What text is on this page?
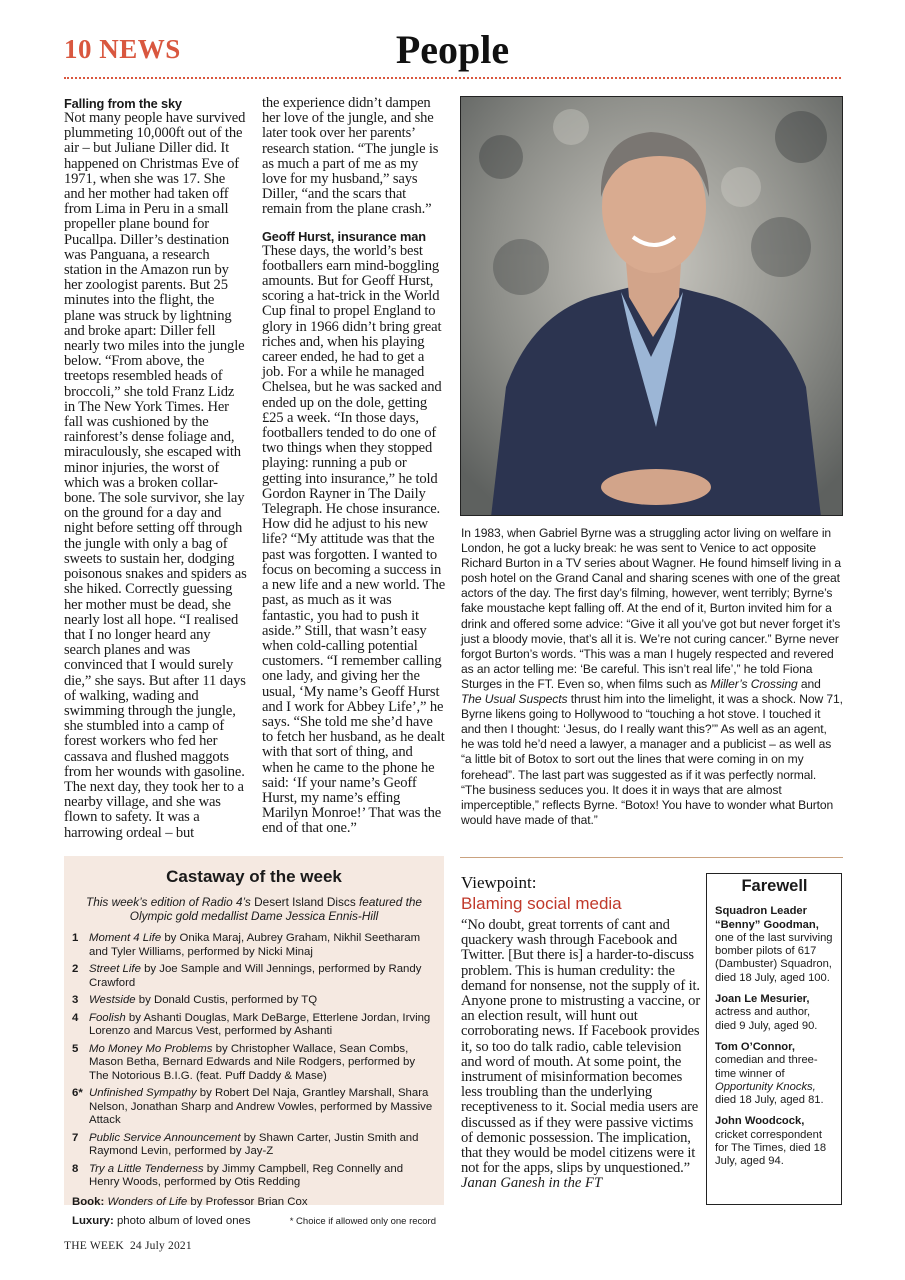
10 NEWS	People
Falling from the sky

Not many people have survived plummeting 10,000ft out of the air – but Juliane Diller did. It happened on Christmas Eve of 1971, when she was 17. She and her mother had taken off from Lima in Peru in a small propeller plane bound for Pucallpa. Diller’s destination was Panguana, a research station in the Amazon run by her zoologist parents. But 25 minutes into the flight, the plane was struck by lightning and broke apart: Diller fell nearly two miles into the jungle below. “From above, the treetops resembled heads of broccoli,” she told Franz Lidz in The New York Times. Her fall was cushioned by the rainforest’s dense foliage and, miraculously, she escaped with minor injuries, the worst of which was a broken collar-bone. The sole survivor, she lay on the ground for a day and night before setting off through the jungle with only a bag of sweets to sustain her, dodging poisonous snakes and spiders as she hiked. Correctly guessing her mother must be dead, she nearly lost all hope. “I realised that I no longer heard any search planes and was convinced that I would surely die,” she says. But after 11 days of walking, wading and swimming through the jungle, she stumbled into a camp of forest workers who fed her cassava and flushed maggots from her wounds with gasoline. The next day, they took her to a nearby village, and she was flown to safety. It was a harrowing ordeal – but

the experience didn’t dampen her love of the jungle, and she later took over her parents’ research station. “The jungle is as much a part of me as my love for my husband,” says Diller, “and the scars that remain from the plane crash.”

Geoff Hurst, insurance man

These days, the world’s best footballers earn mind-boggling amounts. But for Geoff Hurst, scoring a hat-trick in the World Cup final to propel England to glory in 1966 didn’t bring great riches and, when his playing career ended, he had to get a job. For a while he managed Chelsea, but he was sacked and ended up on the dole, getting £25 a week. “In those days, footballers tended to do one of two things when they stopped playing: running a pub or getting into insurance,” he told Gordon Rayner in The Daily Telegraph. He chose insurance. How did he adjust to his new life? “My attitude was that the past was forgotten. I wanted to focus on becoming a success in a new life and a new world. The past, as much as it was fantastic, you had to push it aside.” Still, that wasn’t easy when cold-calling potential customers. “I remember calling one lady, and giving her the usual, ‘My name’s Geoff Hurst and I work for Abbey Life’,” he says. “She told me she’d have to fetch her husband, as he dealt with that sort of thing, and when he came to the phone he said: ‘If your name’s Geoff Hurst, my name’s effing Marilyn Monroe!’ That was the end of that one.”

In 1983, when Gabriel Byrne was a struggling actor living on welfare in London, he got a lucky break: he was sent to Venice to act opposite Richard Burton in a TV series about Wagner. He found himself living in a posh hotel on the Grand Canal and sharing scenes with one of the great actors of the day. The first day’s filming, however, went terribly; Byrne’s fake moustache kept falling off. At the end of it, Burton invited him for a drink and offered some advice: “Give it all you’ve got but never forget it’s just a bloody movie, that’s all it is. We’re not curing cancer.” Byrne never forgot Burton’s words. “This was a man I hugely respected and revered as an actor telling me: ‘Be careful. This isn’t real life’,” he told Fiona Sturges in the FT. Even so, when films such as Miller’s Crossing and The Usual Suspects thrust him into the limelight, it was a shock. Now 71, Byrne likens going to Hollywood to “touching a hot stove. I touched it and then I thought: ‘Jesus, do I really want this?’” As well as an agent, he was told he’d need a lawyer, a manager and a publicist – as well as “a little bit of Botox to sort out the lines that were coming in on my forehead”. The last part was suggested as if it was perfectly normal. “The business seduces you. It does it in ways that are almost imperceptible,” reflects Byrne. “Botox! You have to wonder what Burton would have made of that.”
Castaway of the week
This week’s edition of Radio 4’s Desert Island Discs featured the Olympic gold medallist Dame Jessica Ennis-Hill
1 Moment 4 Life by Onika Maraj, Aubrey Graham, Nikhil Seetharam and Tyler Williams, performed by Nicki Minaj
2 Street Life by Joe Sample and Will Jennings, performed by Randy Crawford
3 Westside by Donald Custis, performed by TQ
4 Foolish by Ashanti Douglas, Mark DeBarge, Etterlene Jordan, Irving Lorenzo and Marcus Vest, performed by Ashanti
5 Mo Money Mo Problems by Christopher Wallace, Sean Combs, Mason Betha, Bernard Edwards and Nile Rodgers, performed by The Notorious B.I.G. (feat. Puff Daddy & Mase)
6* Unfinished Sympathy by Robert Del Naja, Grantley Marshall, Shara Nelson, Jonathan Sharp and Andrew Vowles, performed by Massive Attack
7 Public Service Announcement by Shawn Carter, Justin Smith and Raymond Levin, performed by Jay-Z
8 Try a Little Tenderness by Jimmy Campbell, Reg Connelly and Henry Woods, performed by Otis Redding
Book: Wonders of Life by Professor Brian Cox
Luxury: photo album of loved ones	* Choice if allowed only one record
Viewpoint:
Blaming social media

“No doubt, great torrents of cant and quackery wash through Facebook and Twitter. [But there is] a harder-to-discuss problem. This is human credulity: the demand for nonsense, not the supply of it. Anyone prone to mistrusting a vaccine, or an election result, will hunt out corroborating news. If Facebook provides it, so too do talk radio, cable television and word of mouth. At some point, the instrument of misinformation becomes less troubling than the underlying receptiveness to it. Social media users are discussed as if they were passive victims of demonic possession. The implication, that they would be model citizens were it not for the apps, slips by unquestioned.”

Janan Ganesh in the FT

Farewell
Squadron Leader “Benny” Goodman, one of the last surviving bomber pilots of 617 (Dambuster) Squadron, died 18 July, aged 100.
Joan Le Mesurier, actress and author, died 9 July, aged 90.
Tom O’Connor, comedian and three-time winner of Opportunity Knocks, died 18 July, aged 81.
John Woodcock, cricket correspondent for The Times, died 18 July, aged 94.
THE WEEK  24 July 2021
